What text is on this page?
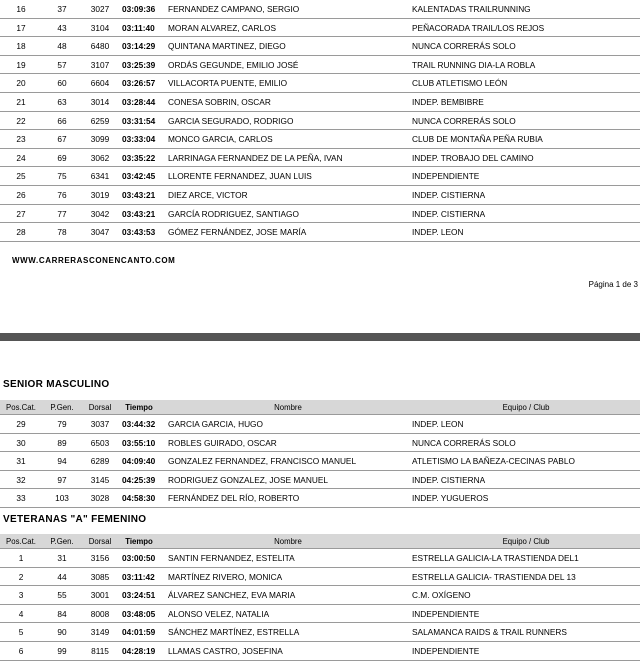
16	37	3027	03:09:36 FERNANDEZ CAMPANO, SERGIO	KALENTADAS TRAILRUNNING
17	43	3104	03:11:40 MORAN ALVAREZ, CARLOS	PEÑACORADA TRAIL/LOS REJOS
18	48	6480	03:14:29 QUINTANA MARTINEZ, DIEGO	NUNCA CORRERÁS SOLO
19	57	3107	03:25:39 ORDÁS GEGUNDE, EMILIO JOSÉ	TRAIL RUNNING DIA-LA ROBLA
20	60	6604	03:26:57 VILLACORTA PUENTE, EMILIO	CLUB ATLETISMO LEÓN
21	63	3014	03:28:44 CONESA SOBRIN, OSCAR	INDEP. BEMBIBRE
22	66	6259	03:31:54 GARCIA SEGURADO, RODRIGO	NUNCA CORRERÁS SOLO
23	67	3099	03:33:04 MONCO GARCIA, CARLOS	CLUB DE MONTAÑA PEÑA RUBIA
24	69	3062	03:35:22 LARRINAGA FERNANDEZ DE LA PEÑA, IVAN	INDEP. TROBAJO DEL CAMINO
25	75	6341	03:42:45 LLORENTE FERNANDEZ, JUAN LUIS	INDEPENDIENTE
26	76	3019	03:43:21 DIEZ ARCE, VICTOR	INDEP. CISTIERNA
27	77	3042	03:43:21 GARCÍA RODRIGUEZ, SANTIAGO	INDEP. CISTIERNA
28	78	3047	03:43:53 GÓMEZ FERNÁNDEZ, JOSE MARÍA	INDEP. LEON
WWW.CARRERASCONENCANTO.COM
Página 1 de 3
SENIOR MASCULINO
Pos.Cat.	P.Gen.	Dorsal	Tiempo	Nombre	Equipo / Club
29	79	3037	03:44:32 GARCIA GARCIA, HUGO	INDEP. LEON
30	89	6503	03:55:10 ROBLES GUIRADO, OSCAR	NUNCA CORRERÁS SOLO
31	94	6289	04:09:40 GONZALEZ FERNANDEZ, FRANCISCO MANUEL	ATLETISMO LA BAÑEZA-CECINAS PABLO
32	97	3145	04:25:39 RODRIGUEZ GONZALEZ, JOSE MANUEL	INDEP. CISTIERNA
33	103	3028	04:58:30 FERNÁNDEZ DEL RÍO, ROBERTO	INDEP. YUGUEROS
VETERANAS "A" FEMENINO
Pos.Cat.	P.Gen.	Dorsal	Tiempo	Nombre	Equipo / Club
1	31	3156	03:00:50 SANTIN FERNANDEZ, ESTELITA	ESTRELLA GALICIA-LA TRASTIENDA DEL1
2	44	3085	03:11:42 MARTÍNEZ RIVERO, MONICA	ESTRELLA GALICIA- TRASTIENDA DEL 13
3	55	3001	03:24:51 ÁLVAREZ SANCHEZ, EVA MARIA	C.M. OXÍGENO
4	84	8008	03:48:05 ALONSO VELEZ, NATALIA	INDEPENDIENTE
5	90	3149	04:01:59 SÁNCHEZ MARTÍNEZ, ESTRELLA	SALAMANCA RAIDS & TRAIL RUNNERS
6	99	8115	04:28:19 LLAMAS CASTRO, JOSEFINA	INDEPENDIENTE
